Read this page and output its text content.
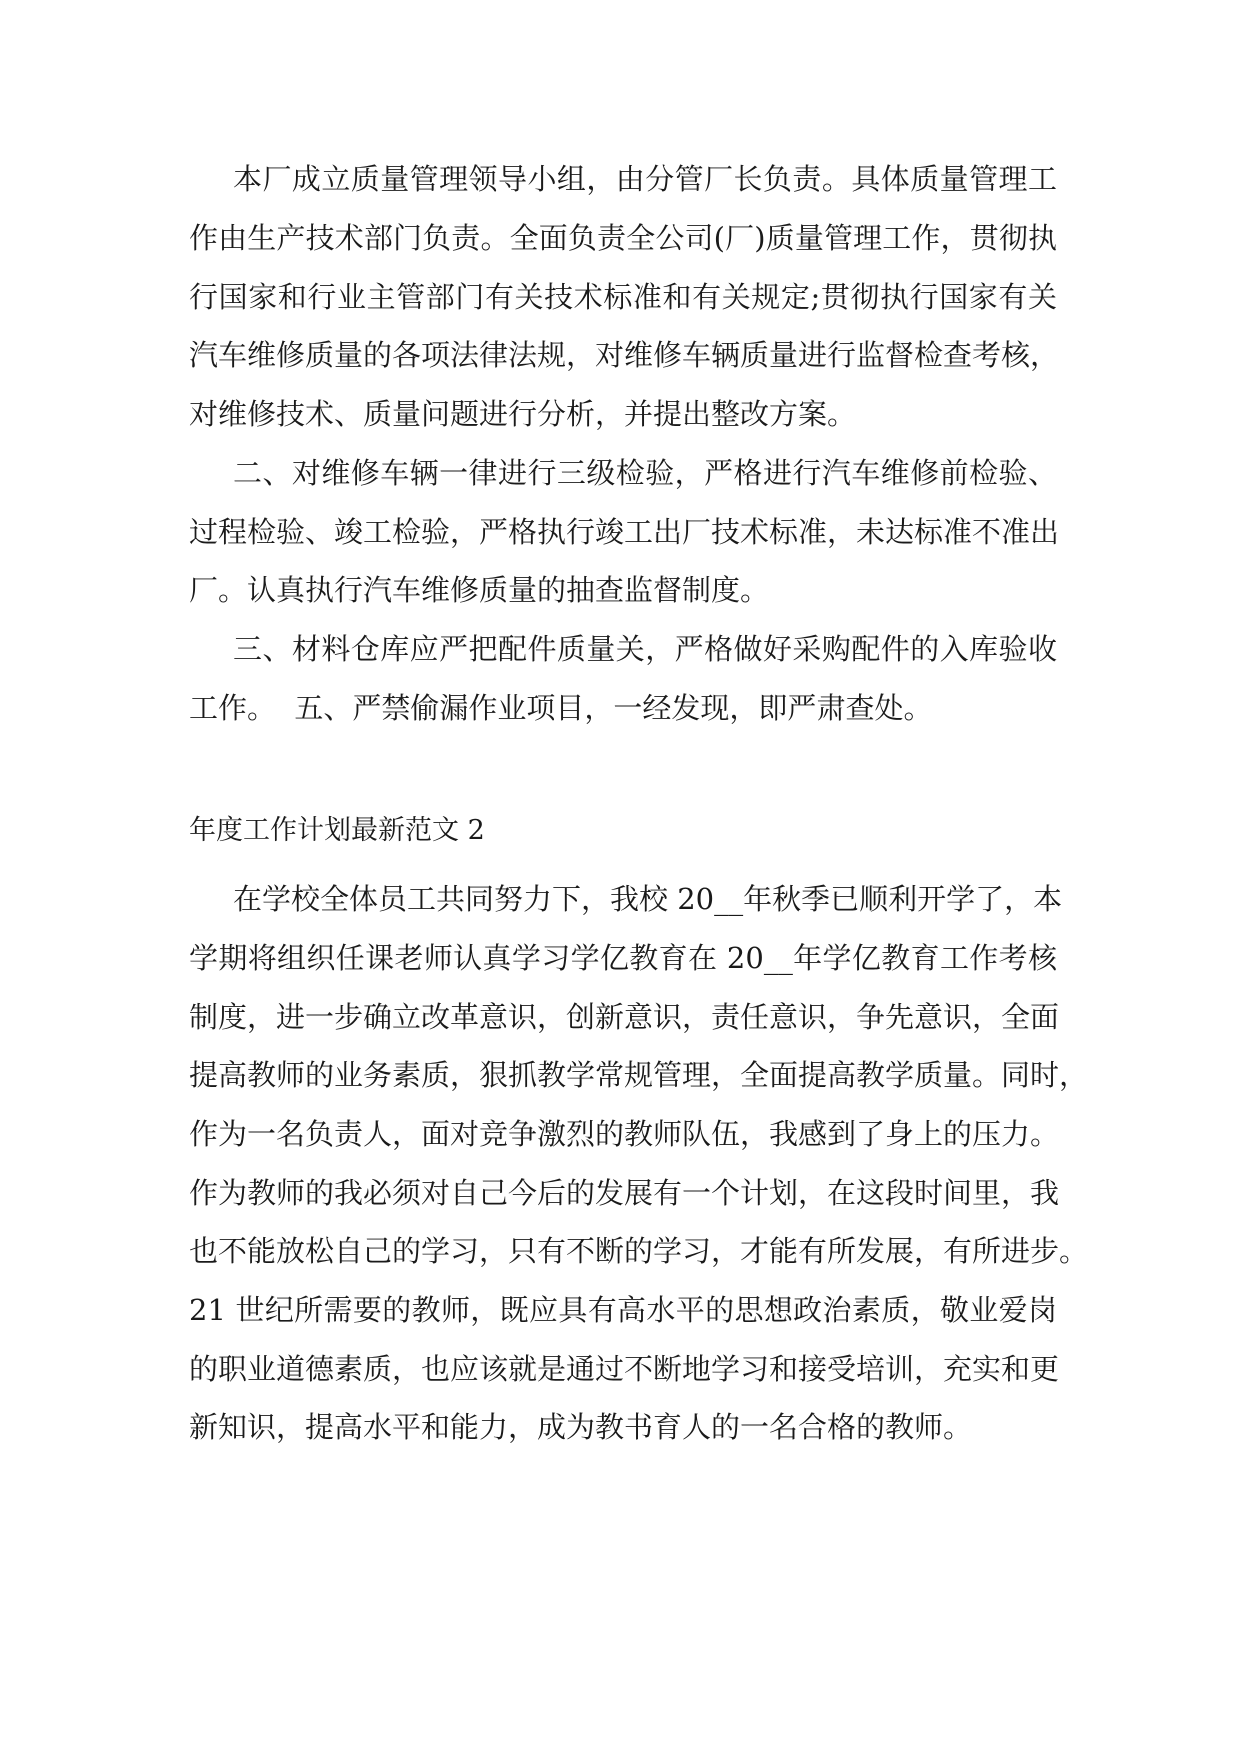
本厂成立质量管理领导小组，由分管厂长负责。具体质量管理工

作由生产技术部门负责。全面负责全公司(厂)质量管理工作，贯彻执

行国家和行业主管部门有关技术标准和有关规定;贯彻执行国家有关

汽车维修质量的各项法律法规，对维修车辆质量进行监督检查考核，

对维修技术、质量问题进行分析，并提出整改方案。

二、对维修车辆一律进行三级检验，严格进行汽车维修前检验、

过程检验、竣工检验，严格执行竣工出厂技术标准，未达标准不准出

厂。认真执行汽车维修质量的抽查监督制度。

三、材料仓库应严把配件质量关，严格做好采购配件的入库验收

工作。  五、严禁偷漏作业项目，一经发现，即严肃查处。

年度工作计划最新范文 2

在学校全体员工共同努力下，我校 20__年秋季已顺利开学了，本

学期将组织任课老师认真学习学亿教育在 20__年学亿教育工作考核

制度，进一步确立改革意识，创新意识，责任意识，争先意识，全面

提高教师的业务素质，狠抓教学常规管理，全面提高教学质量。同时，

作为一名负责人，面对竞争激烈的教师队伍，我感到了身上的压力。

作为教师的我必须对自己今后的发展有一个计划，在这段时间里，我

也不能放松自己的学习，只有不断的学习，才能有所发展，有所进步。

21 世纪所需要的教师，既应具有高水平的思想政治素质，敬业爱岗

的职业道德素质，也应该就是通过不断地学习和接受培训，充实和更

新知识，提高水平和能力，成为教书育人的一名合格的教师。
